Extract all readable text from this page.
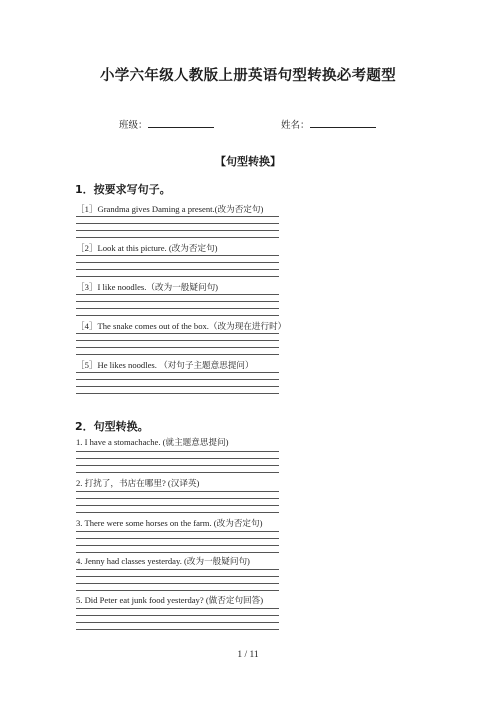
小学六年级人教版上册英语句型转换必考题型
班级：	姓名：
【句型转换】
1．按要求写句子。
［1］Grandma gives Daming a present.(改为否定句)
［2］Look at this picture. (改为否定句)
［3］I like noodles.（改为一般疑问句)
［4］The snake comes out of the box.（改为现在进行时）
［5］He likes noodles. （对句子主题意思提问）
2．句型转换。
1. I have a stomachache. (就主题意思提问)
2. 打扰了，书店在哪里? (汉译英)
3. There were some horses on the farm. (改为否定句)
4. Jenny had classes yesterday. (改为一般疑问句)
5. Did Peter eat junk food yesterday? (做否定句回答)
1 / 11
